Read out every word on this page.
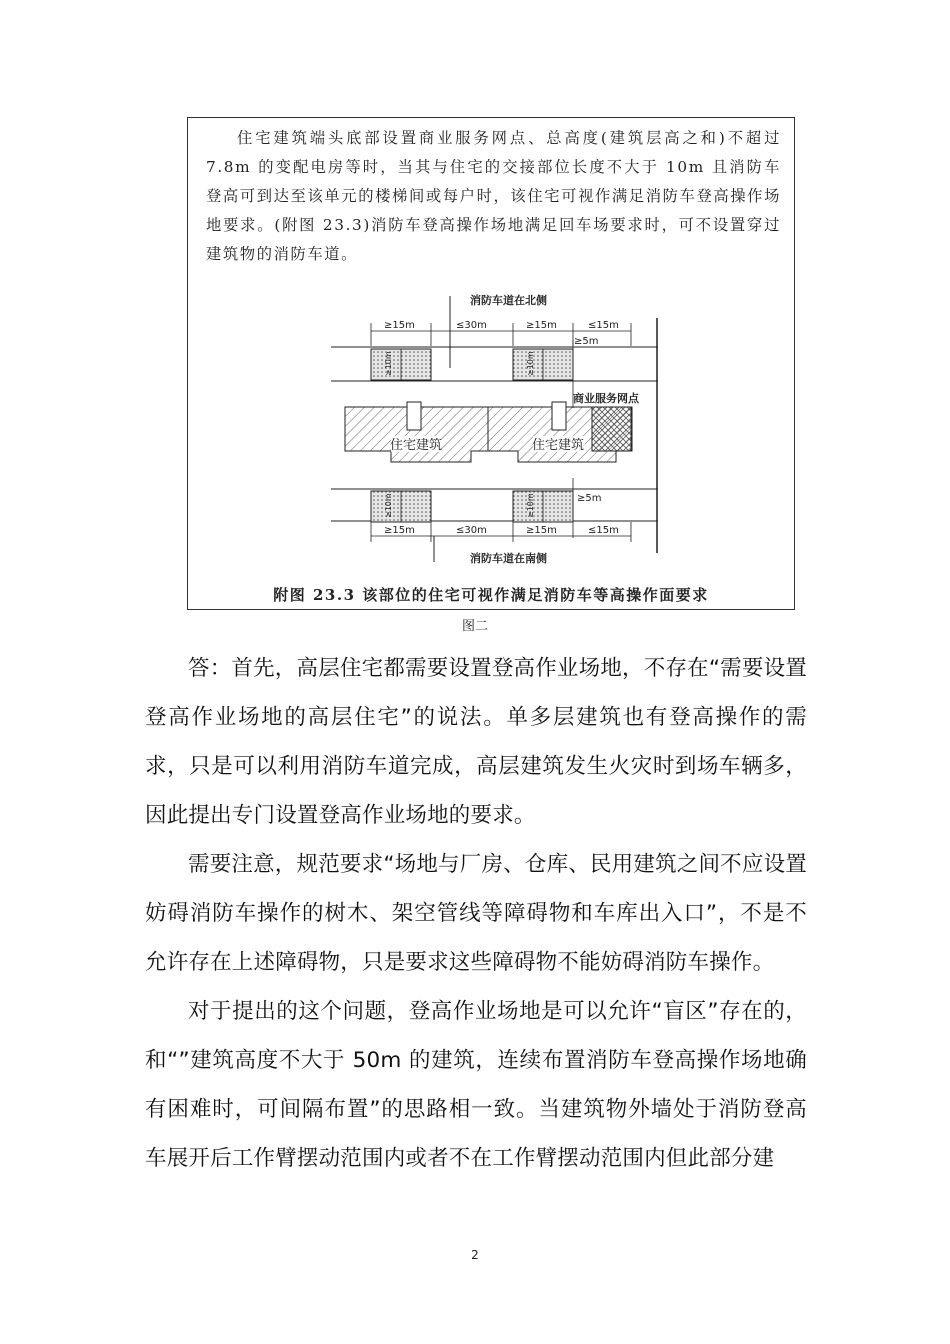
住宅建筑端头底部设置商业服务网点、总高度(建筑层高之和)不超过 7.8m 的变配电房等时，当其与住宅的交接部位长度不大于 10m 且消防车登高可到达至该单元的楼梯间或每户时，该住宅可视作满足消防车登高操作场地要求。(附图 23.3)消防车登高操作场地满足回车场要求时，可不设置穿过建筑物的消防车道。

消防车道在北侧
≥15m	≤30m	≥15m	≤15m
≥5m
≥10m	≥10m
商业服务网点
住宅建筑	住宅建筑
≥10m	≥10m	≥5m
≥15m	≤30m	≥15m	≤15m
消防车道在南侧
附图 23.3 该部位的住宅可视作满足消防车等高操作面要求
图二

答：首先，高层住宅都需要设置登高作业场地，不存在“需要设置登高作业场地的高层住宅”的说法。单多层建筑也有登高操作的需求，只是可以利用消防车道完成，高层建筑发生火灾时到场车辆多，因此提出专门设置登高作业场地的要求。

需要注意，规范要求“场地与厂房、仓库、民用建筑之间不应设置妨碍消防车操作的树木、架空管线等障碍物和车库出入口”，不是不允许存在上述障碍物，只是要求这些障碍物不能妨碍消防车操作。

对于提出的这个问题，登高作业场地是可以允许“盲区”存在的，和“”建筑高度不大于 50m 的建筑，连续布置消防车登高操作场地确有困难时，可间隔布置”的思路相一致。当建筑物外墙处于消防登高车展开后工作臂摆动范围内或者不在工作臂摆动范围内但此部分建

2
